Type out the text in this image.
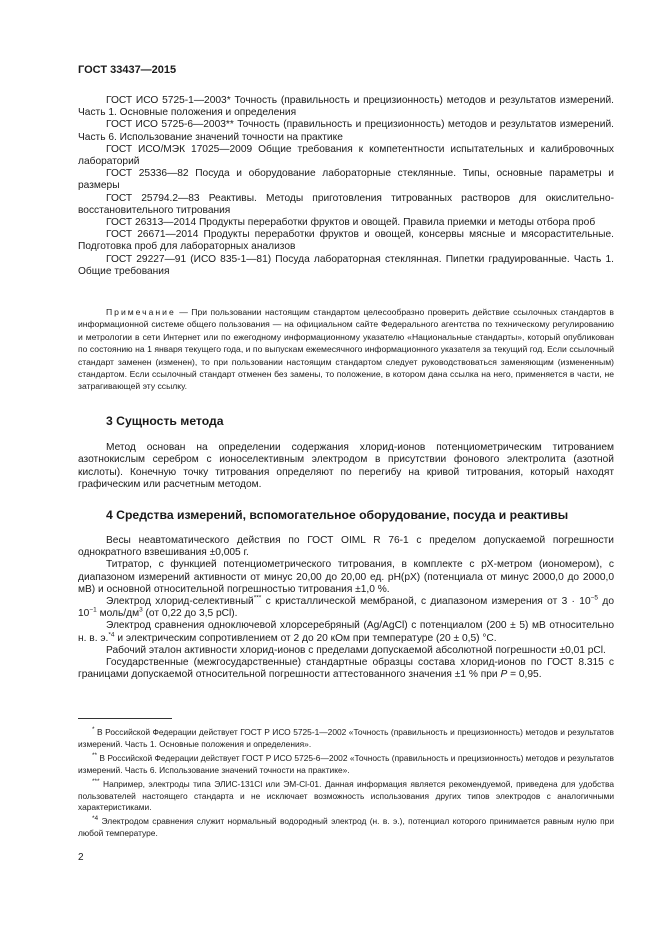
ГОСТ 33437—2015

ГОСТ ИСО 5725-1—2003* Точность (правильность и прецизионность) методов и результатов измерений. Часть 1. Основные положения и определения

ГОСТ ИСО 5725-6—2003** Точность (правильность и прецизионность) методов и результатов измерений. Часть 6. Использование значений точности на практике

ГОСТ ИСО/МЭК 17025—2009 Общие требования к компетентности испытательных и калибровочных лабораторий

ГОСТ 25336—82 Посуда и оборудование лабораторные стеклянные. Типы, основные параметры и размеры

ГОСТ 25794.2—83 Реактивы. Методы приготовления титрованных растворов для окислительно-восстановительного титрования

ГОСТ 26313—2014 Продукты переработки фруктов и овощей. Правила приемки и методы отбора проб

ГОСТ 26671—2014 Продукты переработки фруктов и овощей, консервы мясные и мясорастительные. Подготовка проб для лабораторных анализов

ГОСТ 29227—91 (ИСО 835-1—81) Посуда лабораторная стеклянная. Пипетки градуированные. Часть 1. Общие требования

Примечание — При пользовании настоящим стандартом целесообразно проверить действие ссылочных стандартов в информационной системе общего пользования — на официальном сайте Федерального агентства по техническому регулированию и метрологии в сети Интернет или по ежегодному информационному указателю «Национальные стандарты», который опубликован по состоянию на 1 января текущего года, и по выпускам ежемесячного информационного указателя за текущий год. Если ссылочный стандарт заменен (изменен), то при пользовании настоящим стандартом следует руководствоваться заменяющим (измененным) стандартом. Если ссылочный стандарт отменен без замены, то положение, в котором дана ссылка на него, применяется в части, не затрагивающей эту ссылку.

3 Сущность метода

Метод основан на определении содержания хлорид-ионов потенциометрическим титрованием азотнокислым серебром с ионоселективным электродом в присутствии фонового электролита (азотной кислоты). Конечную точку титрования определяют по перегибу на кривой титрования, который находят графическим или расчетным методом.

4 Средства измерений, вспомогательное оборудование, посуда и реактивы

Весы неавтоматического действия по ГОСТ OIML R 76-1 с пределом допускаемой погрешности однократного взвешивания ±0,005 г.

Титратор, с функцией потенциометрического титрования, в комплекте с рХ-метром (иономером), с диапазоном измерений активности от минус 20,00 до 20,00 ед. рН(рХ) (потенциала от минус 2000,0 до 2000,0 мВ) и основной относительной погрешностью титрования ±1,0 %.

Электрод хлорид-селективный*** с кристаллической мембраной, с диапазоном измерения от $3 \cdot 10^{-5}$ до $10^{-1}$ моль/$дм^3$ (от 0,22 до 3,5 рCl).

Электрод сравнения одноключевой хлорсеребряный (Ag/AgCl) с потенциалом (200 ± 5) мВ относительно н. в. э.$^{*4}$ и электрическим сопротивлением от 2 до 20 кОм при температуре (20 ± 0,5) °С.

Рабочий эталон активности хлорид-ионов с пределами допускаемой абсолютной погрешности ±0,01 рCl.

Государственные (межгосударственные) стандартные образцы состава хлорид-ионов по ГОСТ 8.315 с границами допускаемой относительной погрешности аттестованного значения ±1 % при Р = 0,95.

* В Российской Федерации действует ГОСТ Р ИСО 5725-1—2002 «Точность (правильность и прецизионность) методов и результатов измерений. Часть 1. Основные положения и определения».

** В Российской Федерации действует ГОСТ Р ИСО 5725-6—2002 «Точность (правильность и прецизионность) методов и результатов измерений. Часть 6. Использование значений точности на практике».

*** Например, электроды типа ЭЛИС-131Cl или ЭМ-Cl-01. Данная информация является рекомендуемой, приведена для удобства пользователей настоящего стандарта и не исключает возможность использования других типов электродов с аналогичными характеристиками.

$^{*4}$ Электродом сравнения служит нормальный водородный электрод (н. в. э.), потенциал которого принимается равным нулю при любой температуре.

2
